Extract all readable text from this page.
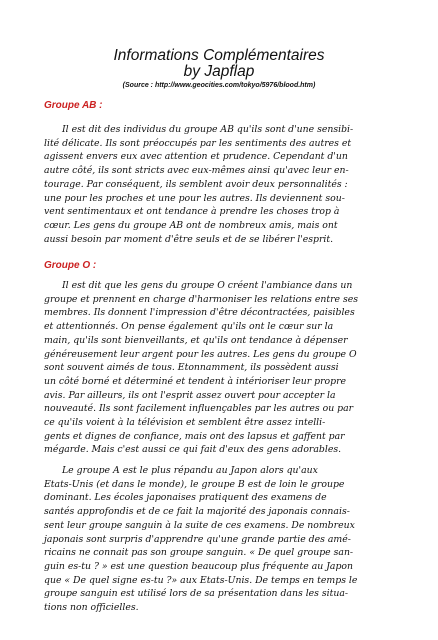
Informations Complémentaires
by Japflap
(Source : http://www.geocities.com/tokyo/5976/blood.htm)
Groupe AB :
Il est dit des individus du groupe AB qu'ils sont d'une sensibi-
lité délicate. Ils sont préoccupés par les sentiments des autres et
agissent envers eux avec attention et prudence. Cependant d'un
autre côté, ils sont stricts avec eux-mêmes ainsi qu'avec leur en-
tourage. Par conséquent, ils semblent avoir deux personnalités :
une pour les proches et une pour les autres. Ils deviennent sou-
vent sentimentaux et ont tendance à prendre les choses trop à
cœur. Les gens du groupe AB ont de nombreux amis, mais ont
aussi besoin par moment d'être seuls et de se libérer l'esprit.
Groupe O :
Il est dit que les gens du groupe O créent l'ambiance dans un
groupe et prennent en charge d'harmoniser les relations entre ses
membres. Ils donnent l'impression d'être décontractées, paisibles
et attentionnés. On pense également qu'ils ont le cœur sur la
main, qu'ils sont bienveillants, et qu'ils ont tendance à dépenser
généreusement leur argent pour les autres. Les gens du groupe O
sont souvent aimés de tous. Etonnamment, ils possèdent aussi
un côté borné et déterminé et tendent à intérioriser leur propre
avis. Par ailleurs, ils ont l'esprit assez ouvert pour accepter la
nouveauté. Ils sont facilement influençables par les autres ou par
ce qu'ils voient à la télévision et semblent être assez intelli-
gents et dignes de confiance, mais ont des lapsus et gaffent par
mégarde. Mais c'est aussi ce qui fait d'eux des gens adorables.
Le groupe A est le plus répandu au Japon alors qu'aux
Etats-Unis (et dans le monde), le groupe B est de loin le groupe
dominant. Les écoles japonaises pratiquent des examens de
santés approfondis et de ce fait la majorité des japonais connais-
sent leur groupe sanguin à la suite de ces examens. De nombreux
japonais sont surpris d'apprendre qu'une grande partie des amé-
ricains ne connait pas son groupe sanguin. « De quel groupe san-
guin es-tu ? » est une question beaucoup plus fréquente au Japon
que « De quel signe es-tu ?» aux Etats-Unis. De temps en temps le
groupe sanguin est utilisé lors de sa présentation dans les situa-
tions non officielles.
